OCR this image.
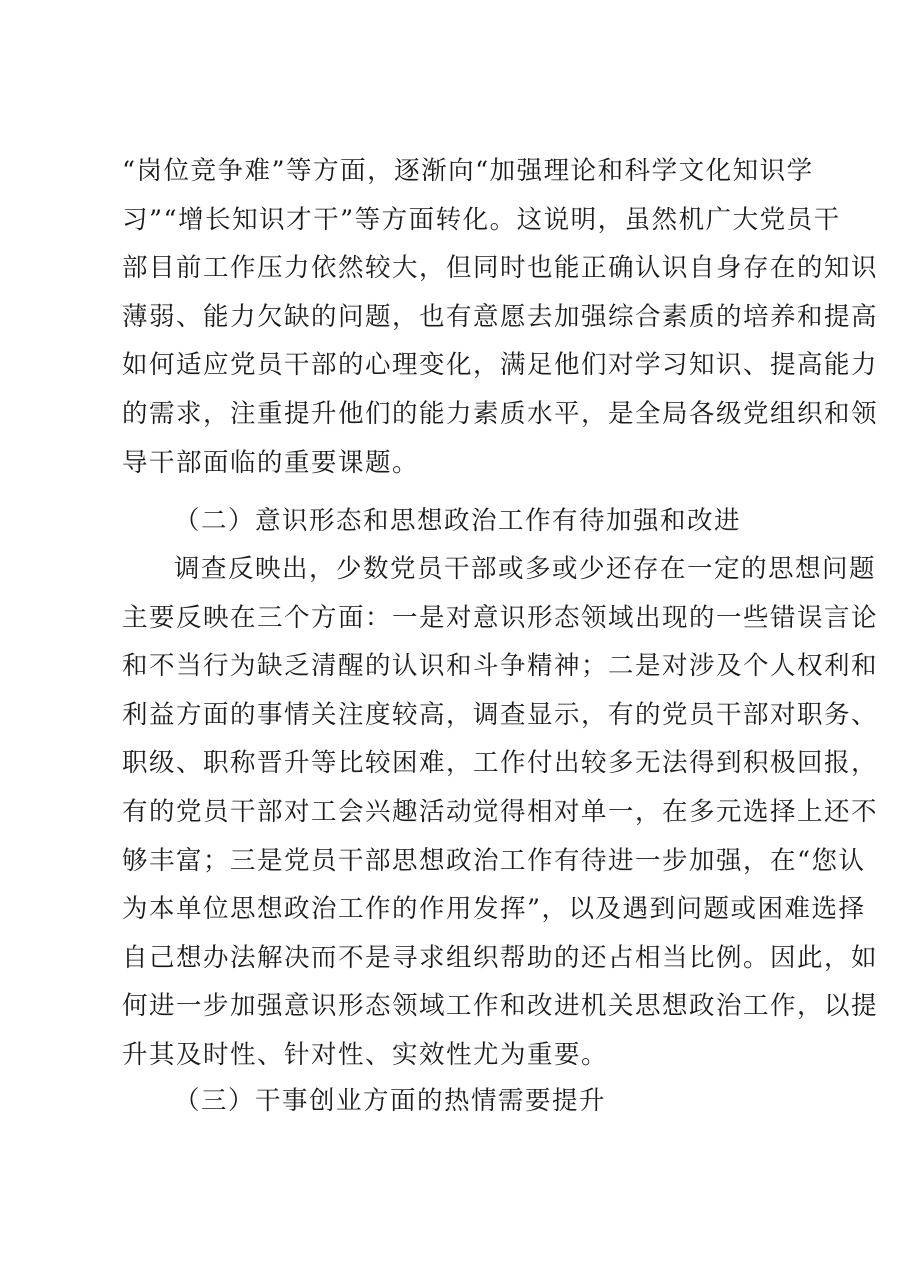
“岗位竞争难”等方面，逐渐向“加强理论和科学文化知识学
习”“增长知识才干”等方面转化。这说明，虽然机广大党员干
部目前工作压力依然较大，但同时也能正确认识自身存在的知识
薄弱、能力欠缺的问题，也有意愿去加强综合素质的培养和提高
如何适应党员干部的心理变化，满足他们对学习知识、提高能力
的需求，注重提升他们的能力素质水平，是全局各级党组织和领
导干部面临的重要课题。
（二）意识形态和思想政治工作有待加强和改进
调查反映出，少数党员干部或多或少还存在一定的思想问题
主要反映在三个方面：一是对意识形态领域出现的一些错误言论
和不当行为缺乏清醒的认识和斗争精神；二是对涉及个人权利和
利益方面的事情关注度较高，调查显示，有的党员干部对职务、
职级、职称晋升等比较困难，工作付出较多无法得到积极回报，
有的党员干部对工会兴趣活动觉得相对单一，在多元选择上还不
够丰富；三是党员干部思想政治工作有待进一步加强，在“您认
为本单位思想政治工作的作用发挥”，以及遇到问题或困难选择
自己想办法解决而不是寻求组织帮助的还占相当比例。因此，如
何进一步加强意识形态领域工作和改进机关思想政治工作，以提
升其及时性、针对性、实效性尤为重要。
（三）干事创业方面的热情需要提升
